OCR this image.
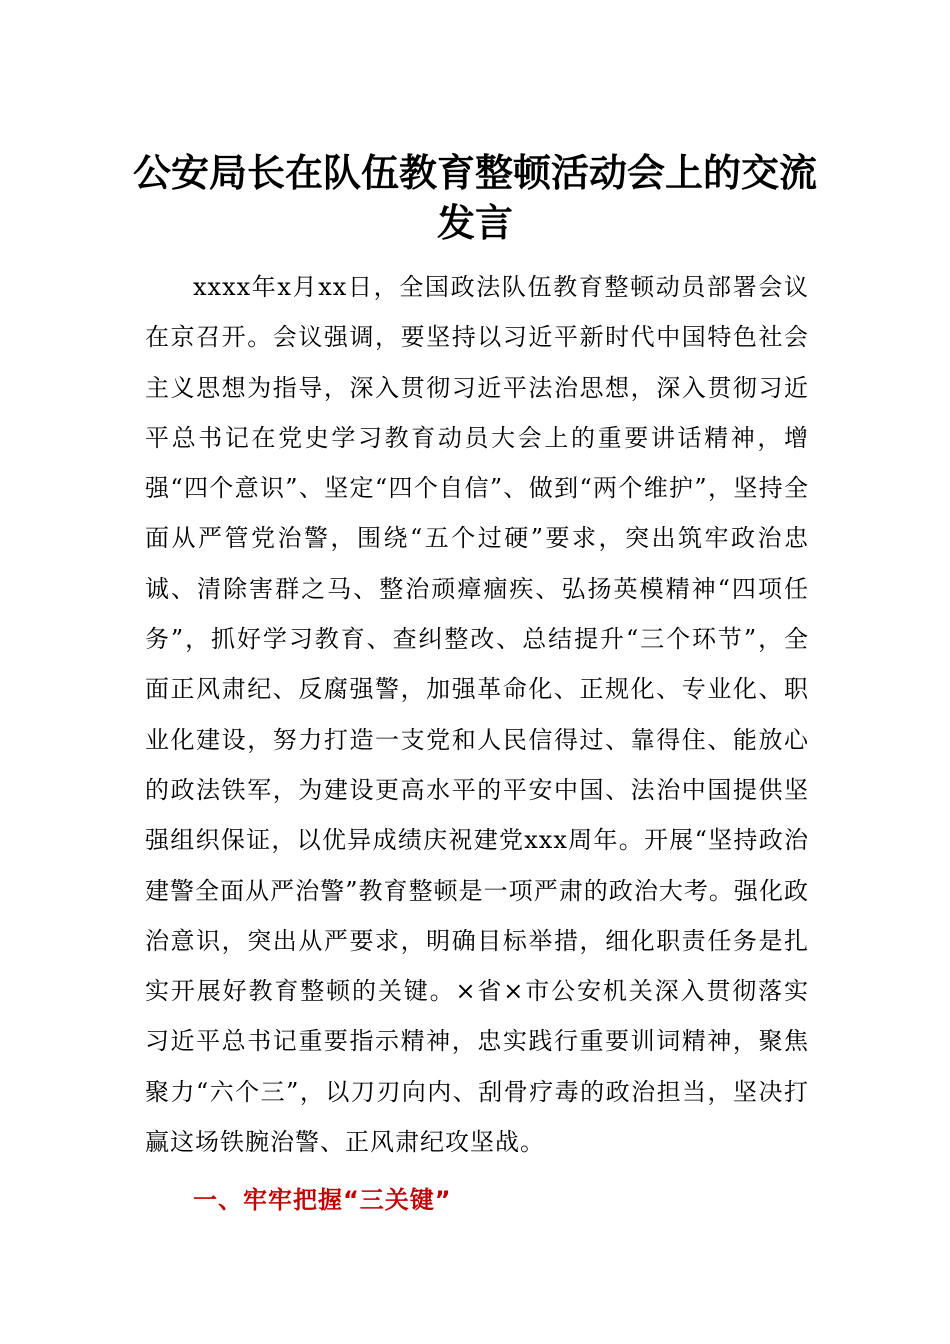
公安局长在队伍教育整顿活动会上的交流
发言

xxxx年x月xx日，全国政法队伍教育整顿动员部署会议在京召开。会议强调，要坚持以习近平新时代中国特色社会主义思想为指导，深入贯彻习近平法治思想，深入贯彻习近平总书记在党史学习教育动员大会上的重要讲话精神，增强“四个意识”、坚定“四个自信”、做到“两个维护”，坚持全面从严管党治警，围绕“五个过硬”要求，突出筑牢政治忠诚、清除害群之马、整治顽瘴痼疾、弘扬英模精神“四项任务”，抓好学习教育、查纠整改、总结提升“三个环节”，全面正风肃纪、反腐强警，加强革命化、正规化、专业化、职业化建设，努力打造一支党和人民信得过、靠得住、能放心的政法铁军，为建设更高水平的平安中国、法治中国提供坚强组织保证，以优异成绩庆祝建党xxx周年。开展“坚持政治建警全面从严治警”教育整顿是一项严肃的政治大考。强化政治意识，突出从严要求，明确目标举措，细化职责任务是扎实开展好教育整顿的关键。×省×市公安机关深入贯彻落实习近平总书记重要指示精神，忠实践行重要训词精神，聚焦聚力“六个三”，以刀刃向内、刮骨疗毒的政治担当，坚决打赢这场铁腕治警、正风肃纪攻坚战。

一、牢牢把握“三关键”
